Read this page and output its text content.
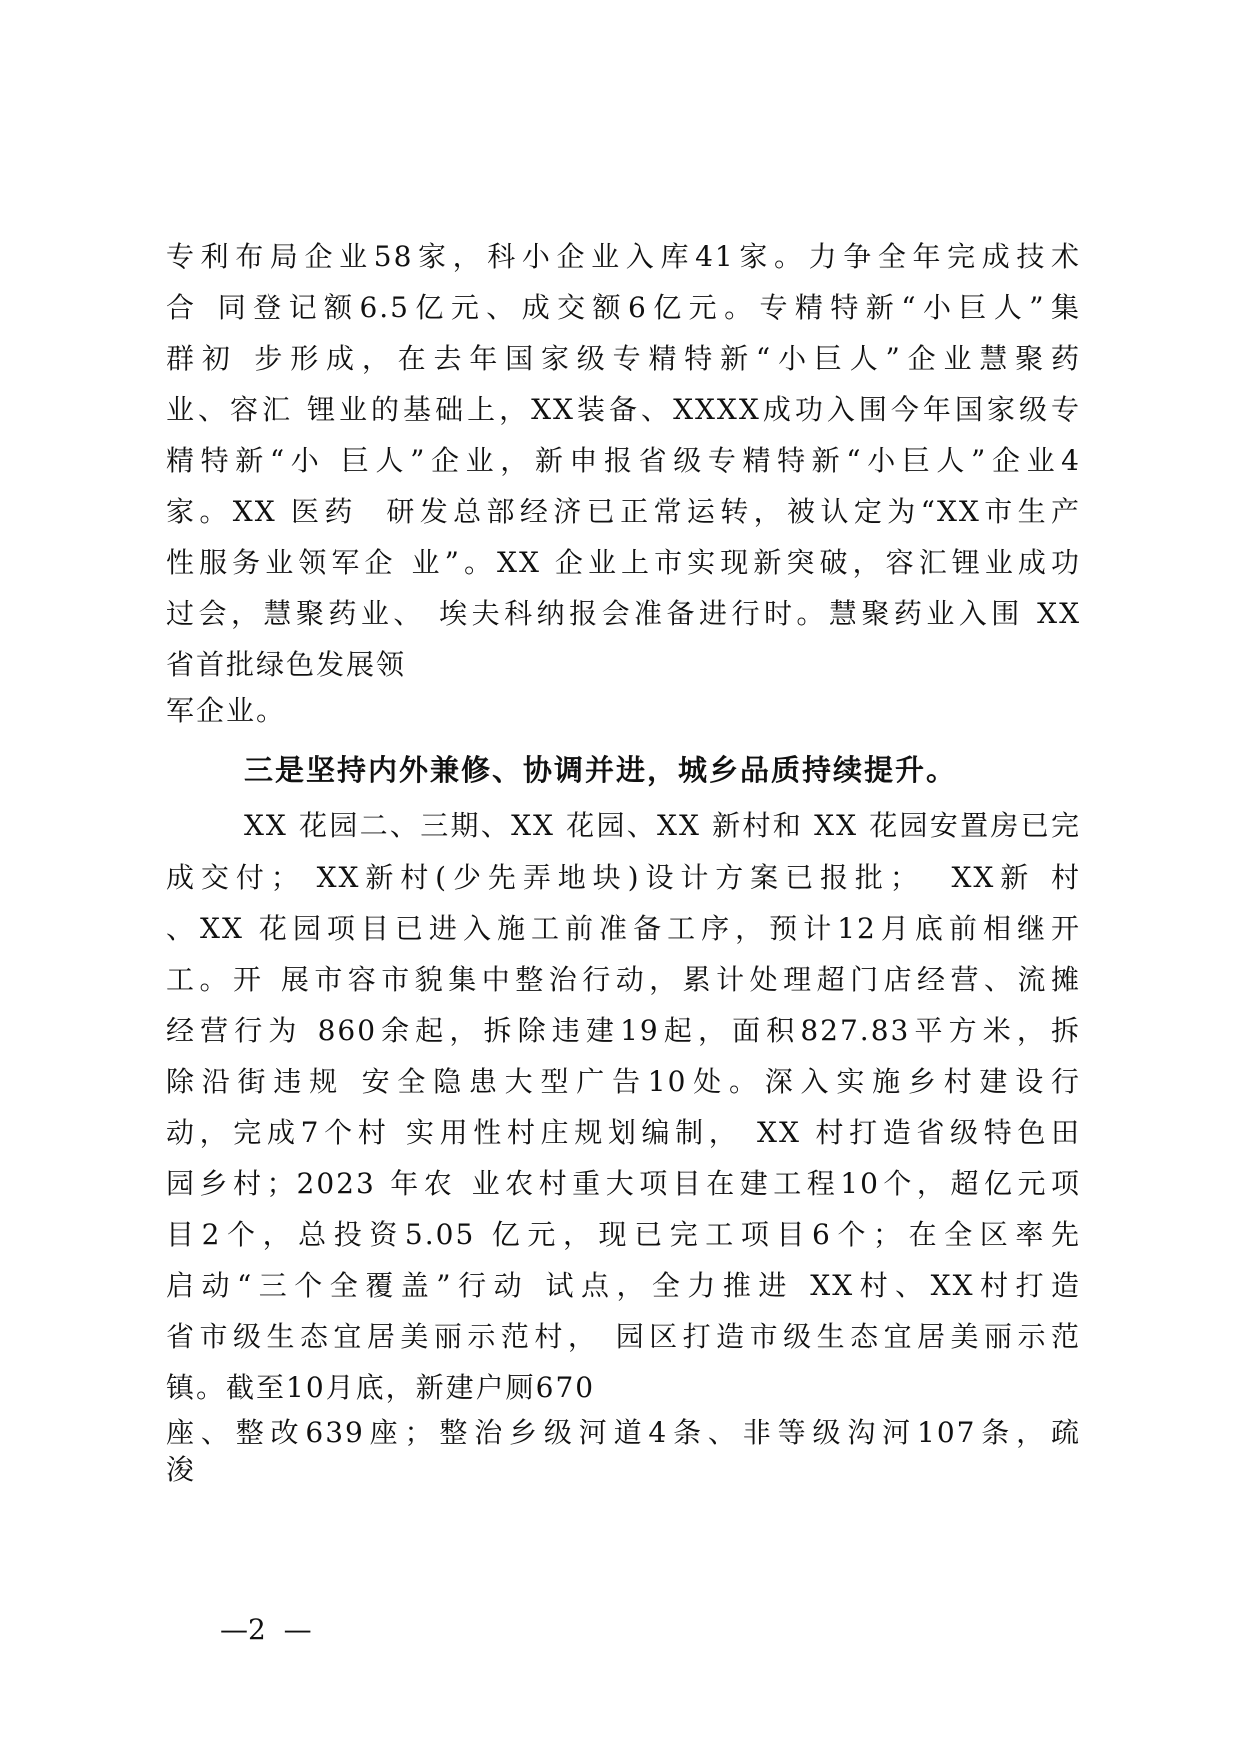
专利布局企业58家，科小企业入库41家。力争全年完成技术
合 同登记额6.5亿元、成交额6亿元。专精特新“小巨人”集
群初 步形成，在去年国家级专精特新“小巨人”企业慧聚药
业、容汇 锂业的基础上，XX装备、XXXX成功入围今年国家级专
精特新“小 巨人”企业，新申报省级专精特新“小巨人”企业4
家。XX 医药  研发总部经济已正常运转，被认定为“XX市生产
性服务业领军企 业”。XX 企业上市实现新突破，容汇锂业成功
过会，慧聚药业、 埃夫科纳报会准备进行时。慧聚药业入围 XX
省首批绿色发展领
军企业。
三是坚持内外兼修、协调并进，城乡品质持续提升。
XX 花园二、三期、XX 花园、XX 新村和 XX 花园安置房已完
成交付； XX新村(少先弄地块)设计方案已报批；  XX新 村
、XX 花园项目已进入施工前准备工序，预计12月底前相继开
工。开 展市容市貌集中整治行动，累计处理超门店经营、流摊
经营行为 860余起，拆除违建19起，面积827.83平方米，拆
除沿街违规 安全隐患大型广告10处。深入实施乡村建设行
动，完成7个村 实用性村庄规划编制， XX 村打造省级特色田
园乡村；2023 年农 业农村重大项目在建工程10个，超亿元项
目2个，总投资5.05 亿元，现已完工项目6个；在全区率先
启动“三个全覆盖”行动 试点，全力推进 XX村、XX村打造
省市级生态宜居美丽示范村， 园区打造市级生态宜居美丽示范
镇。截至10月底，新建户厕670
座、整改639座；整治乡级河道4条、非等级沟河107条，疏
浚
—2  —
